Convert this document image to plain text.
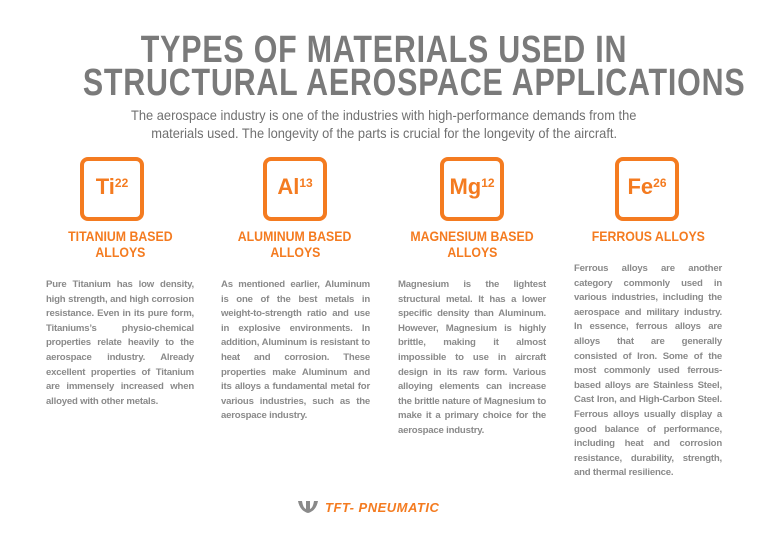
TYPES OF MATERIALS USED IN
STRUCTURAL AEROSPACE APPLICATIONS
The aerospace industry is one of the industries with high-performance demands from the
materials used. The longevity of the parts is crucial for the longevity of the aircraft.
Ti$^{22}$
TITANIUM BASED
ALLOYS
Pure Titanium has low density, high strength, and high corrosion resistance. Even in its pure form, Titaniums’s physio-chemical properties relate heavily to the aerospace industry. Already excellent properties of Titanium are immensely increased when alloyed with other metals.
Al$^{13}$
ALUMINUM BASED
ALLOYS
As mentioned earlier, Aluminum is one of the best metals in weight-to-strength ratio and use in explosive environments. In addition, Aluminum is resistant to heat and corrosion. These properties make Aluminum and its alloys a fundamental metal for various industries, such as the aerospace industry.
Mg$^{12}$
MAGNESIUM BASED
ALLOYS
Magnesium is the lightest structural metal. It has a lower specific density than Aluminum. However, Magnesium is highly brittle, making it almost impossible to use in aircraft design in its raw form. Various alloying elements can increase the brittle nature of Magnesium to make it a primary choice for the aerospace industry.
Fe$^{26}$
FERROUS ALLOYS
Ferrous alloys are another category commonly used in various industries, including the aerospace and military industry. In essence, ferrous alloys are alloys that are generally consisted of Iron. Some of the most commonly used ferrous-based alloys are Stainless Steel, Cast Iron, and High-Carbon Steel. Ferrous alloys usually display a good balance of performance, including heat and corrosion resistance, durability, strength, and thermal resilience.
TFT- PNEUMATIC
